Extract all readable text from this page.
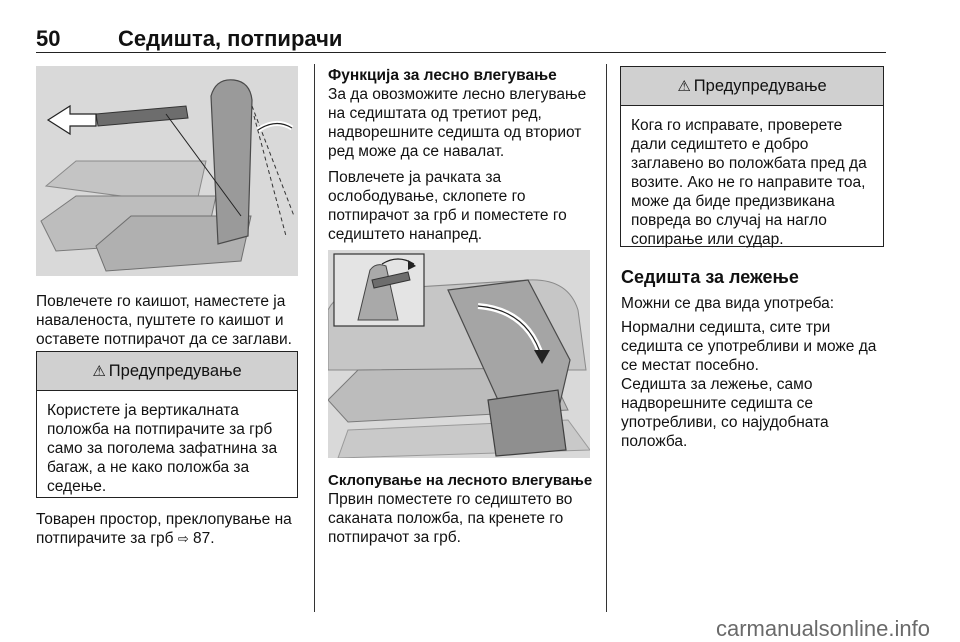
50	Седишта, потпирачи

Повлечете го каишот, наместете ја наваленоста, пуштете го каишот и оставете потпирачот да се заглави.

⚠ Предупредување
Користете ја вертикалната положба на потпирачите за грб само за поголема зафатнина за багаж, а не како положба за седење.

Товарен простор, преклопување на потпирачите за грб ⇨ 87.

Функција за лесно влегување

За да овозможите лесно влегување на седиштата од третиот ред, надворешните седишта од вториот ред може да се навалат.

Повлечете ја рачката за ослободување, склопете го потпирачот за грб и поместете го седиштето нанапред.

Склопување на лесното влегување

Првин поместете го седиштето во саканата положба, па кренете го потпирачот за грб.

⚠ Предупредување
Кога го исправате, проверете дали седиштето е добро заглавено во положбата пред да возите. Ако не го направите тоа, може да биде предизвикана повреда во случај на нагло сопирање или судар.

Седишта за лежење

Можни се два вида употреба:

Нормални седишта, сите три седишта се употребливи и може да се местат посебно.

Седишта за лежење, само надворешните седишта се употребливи, со најудобната положба.

carmanualsonline.info
